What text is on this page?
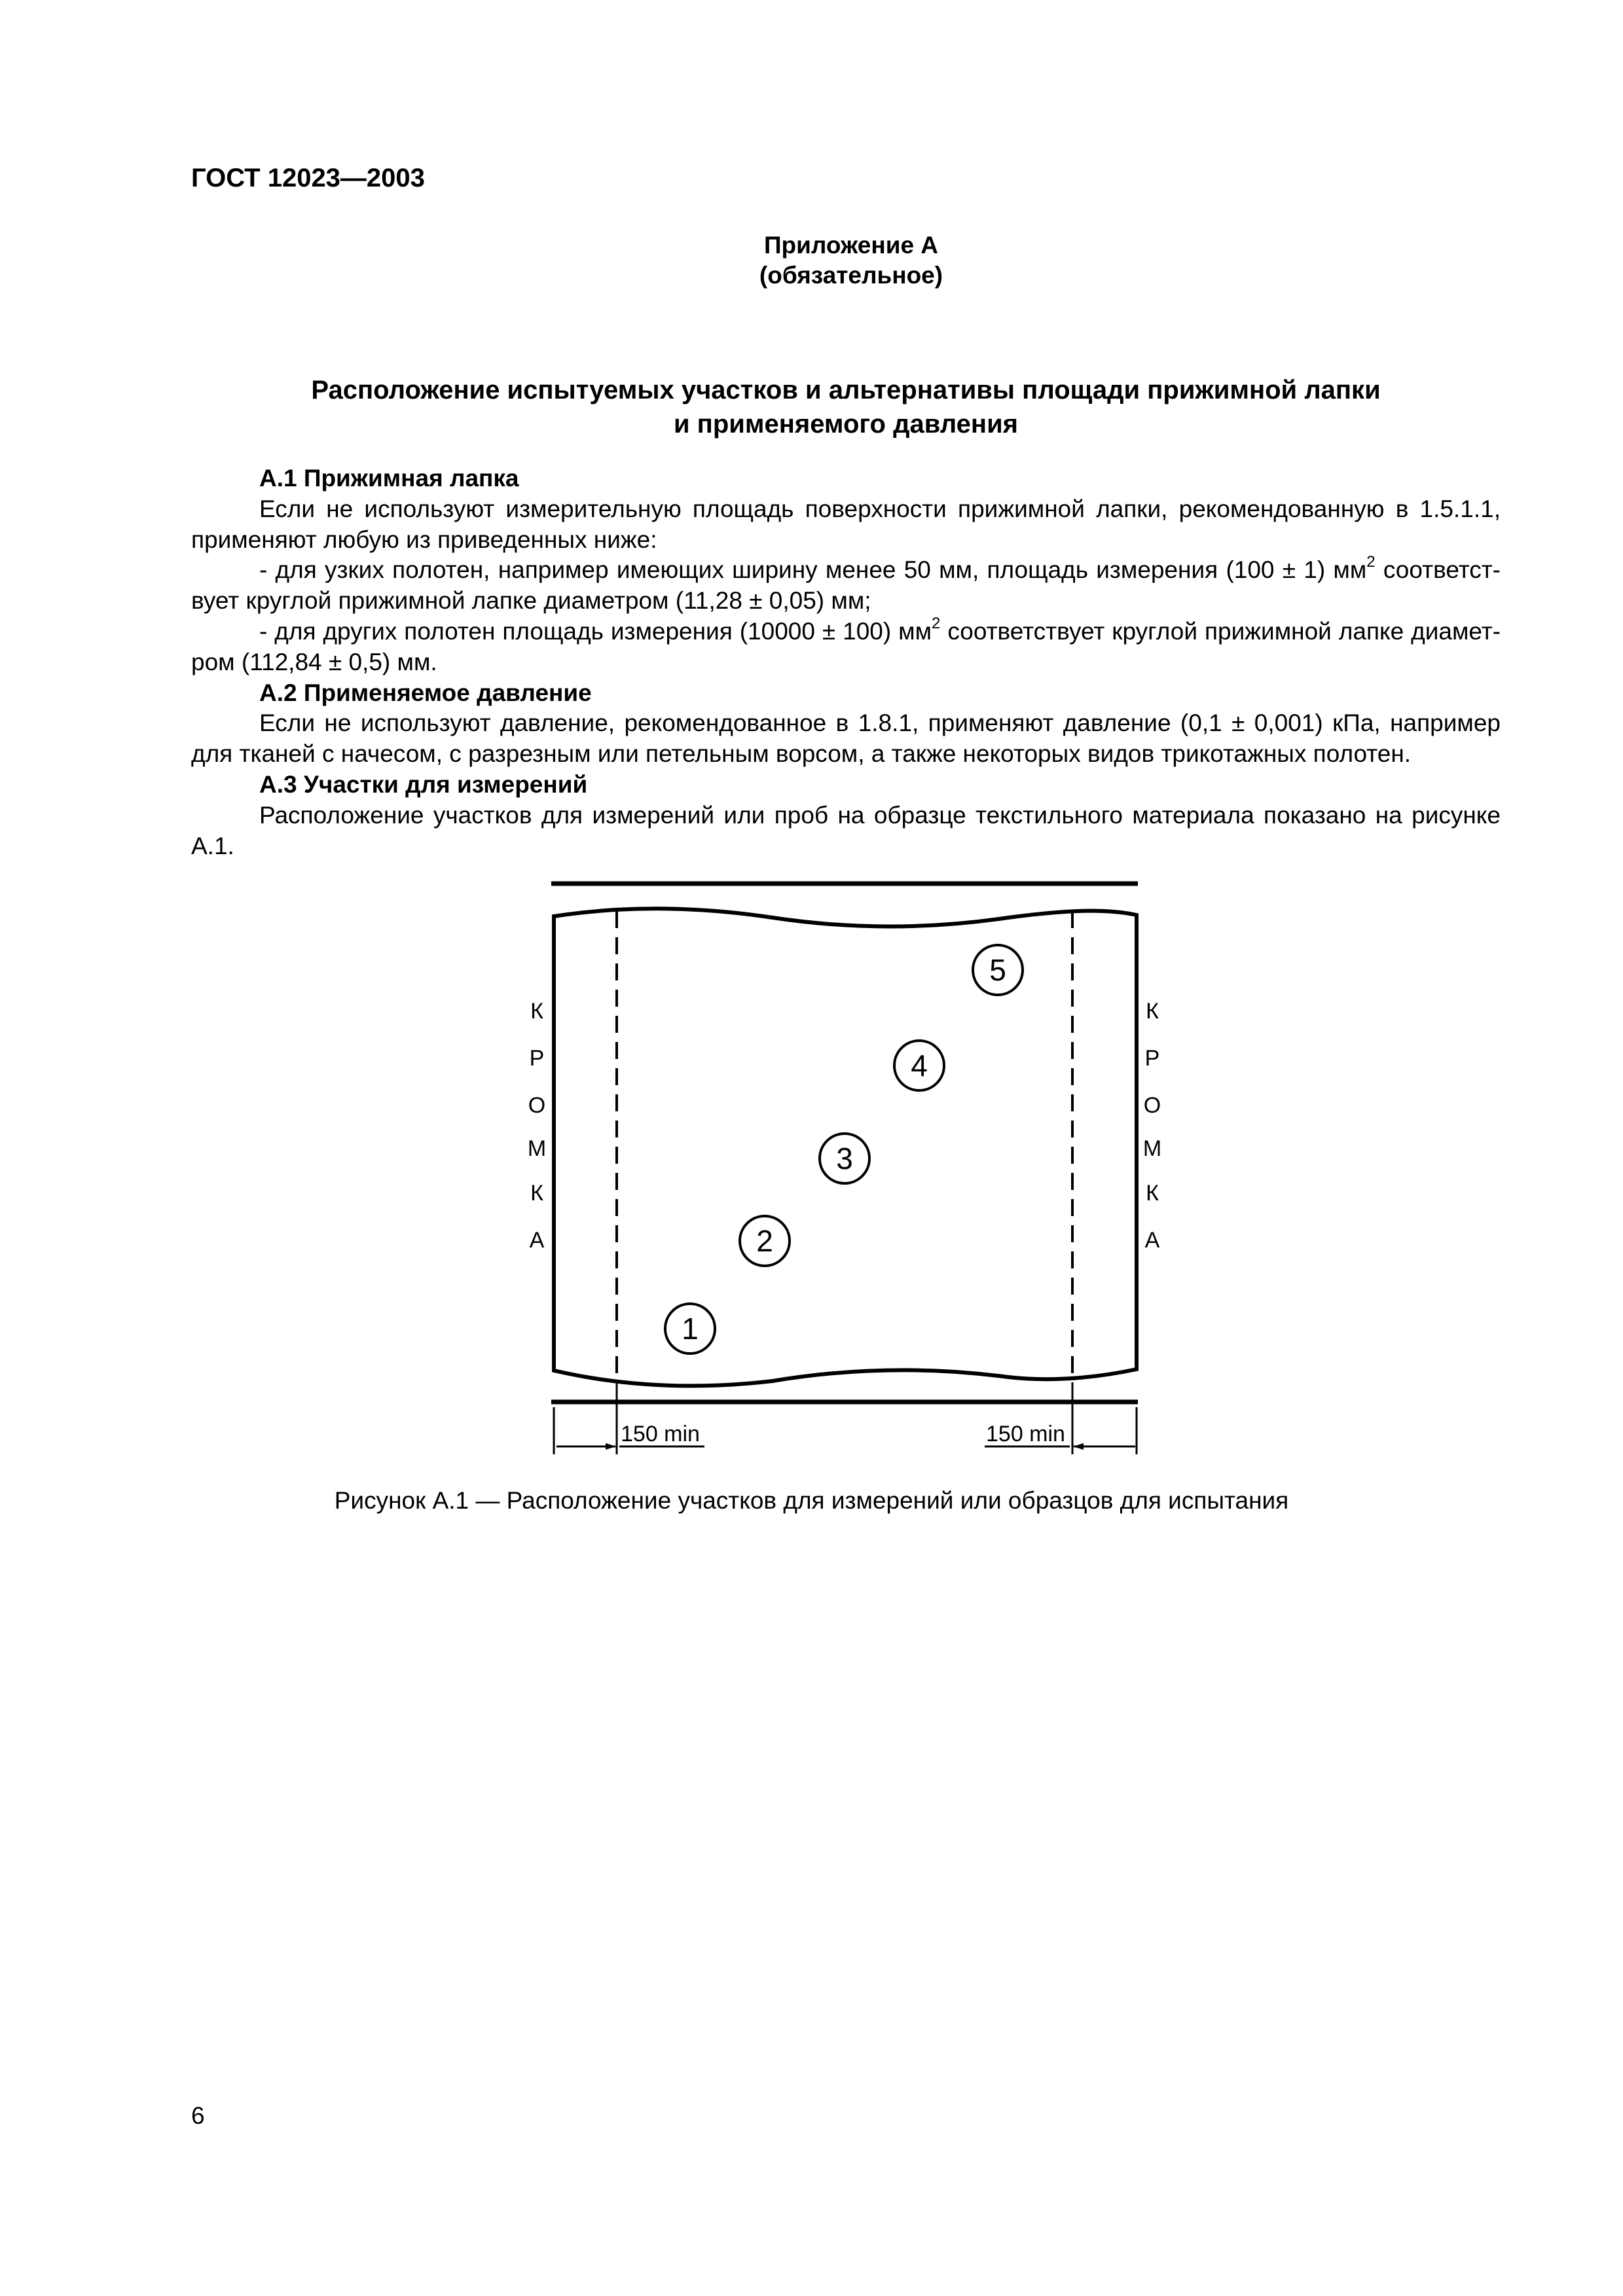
ГОСТ 12023—2003
Приложение А
(обязательное)
Расположение испытуемых участков и альтернативы площади прижимной лапки
и применяемого давления

А.1 Прижимная лапка

Если не используют измерительную площадь поверхности прижимной лапки, рекомендованную в 1.5.1.1, применяют любую из приведенных ниже:

- для узких полотен, например имеющих ширину менее 50 мм, площадь измерения (100 ± 1) $мм^2$ соответст-вует круглой прижимной лапке диаметром (11,28 ± 0,05) мм;

- для других полотен площадь измерения (10000 ± 100) $мм^2$ соответствует круглой прижимной лапке диамет-ром (112,84 ± 0,5) мм.

А.2 Применяемое давление

Если не используют давление, рекомендованное в 1.8.1, применяют давление (0,1 ± 0,001) кПа, например для тканей с начесом, с разрезным или петельным ворсом, а также некоторых видов трикотажных полотен.

А.3 Участки для измерений

Расположение участков для измерений или проб на образце текстильного материала показано на рисунке А.1.

150 min	150 min
К
Р
О
М
К
А
К
Р
О
М
К
А
1
2
3
4
5

Рисунок А.1 — Расположение участков для измерений или образцов для испытания

6
